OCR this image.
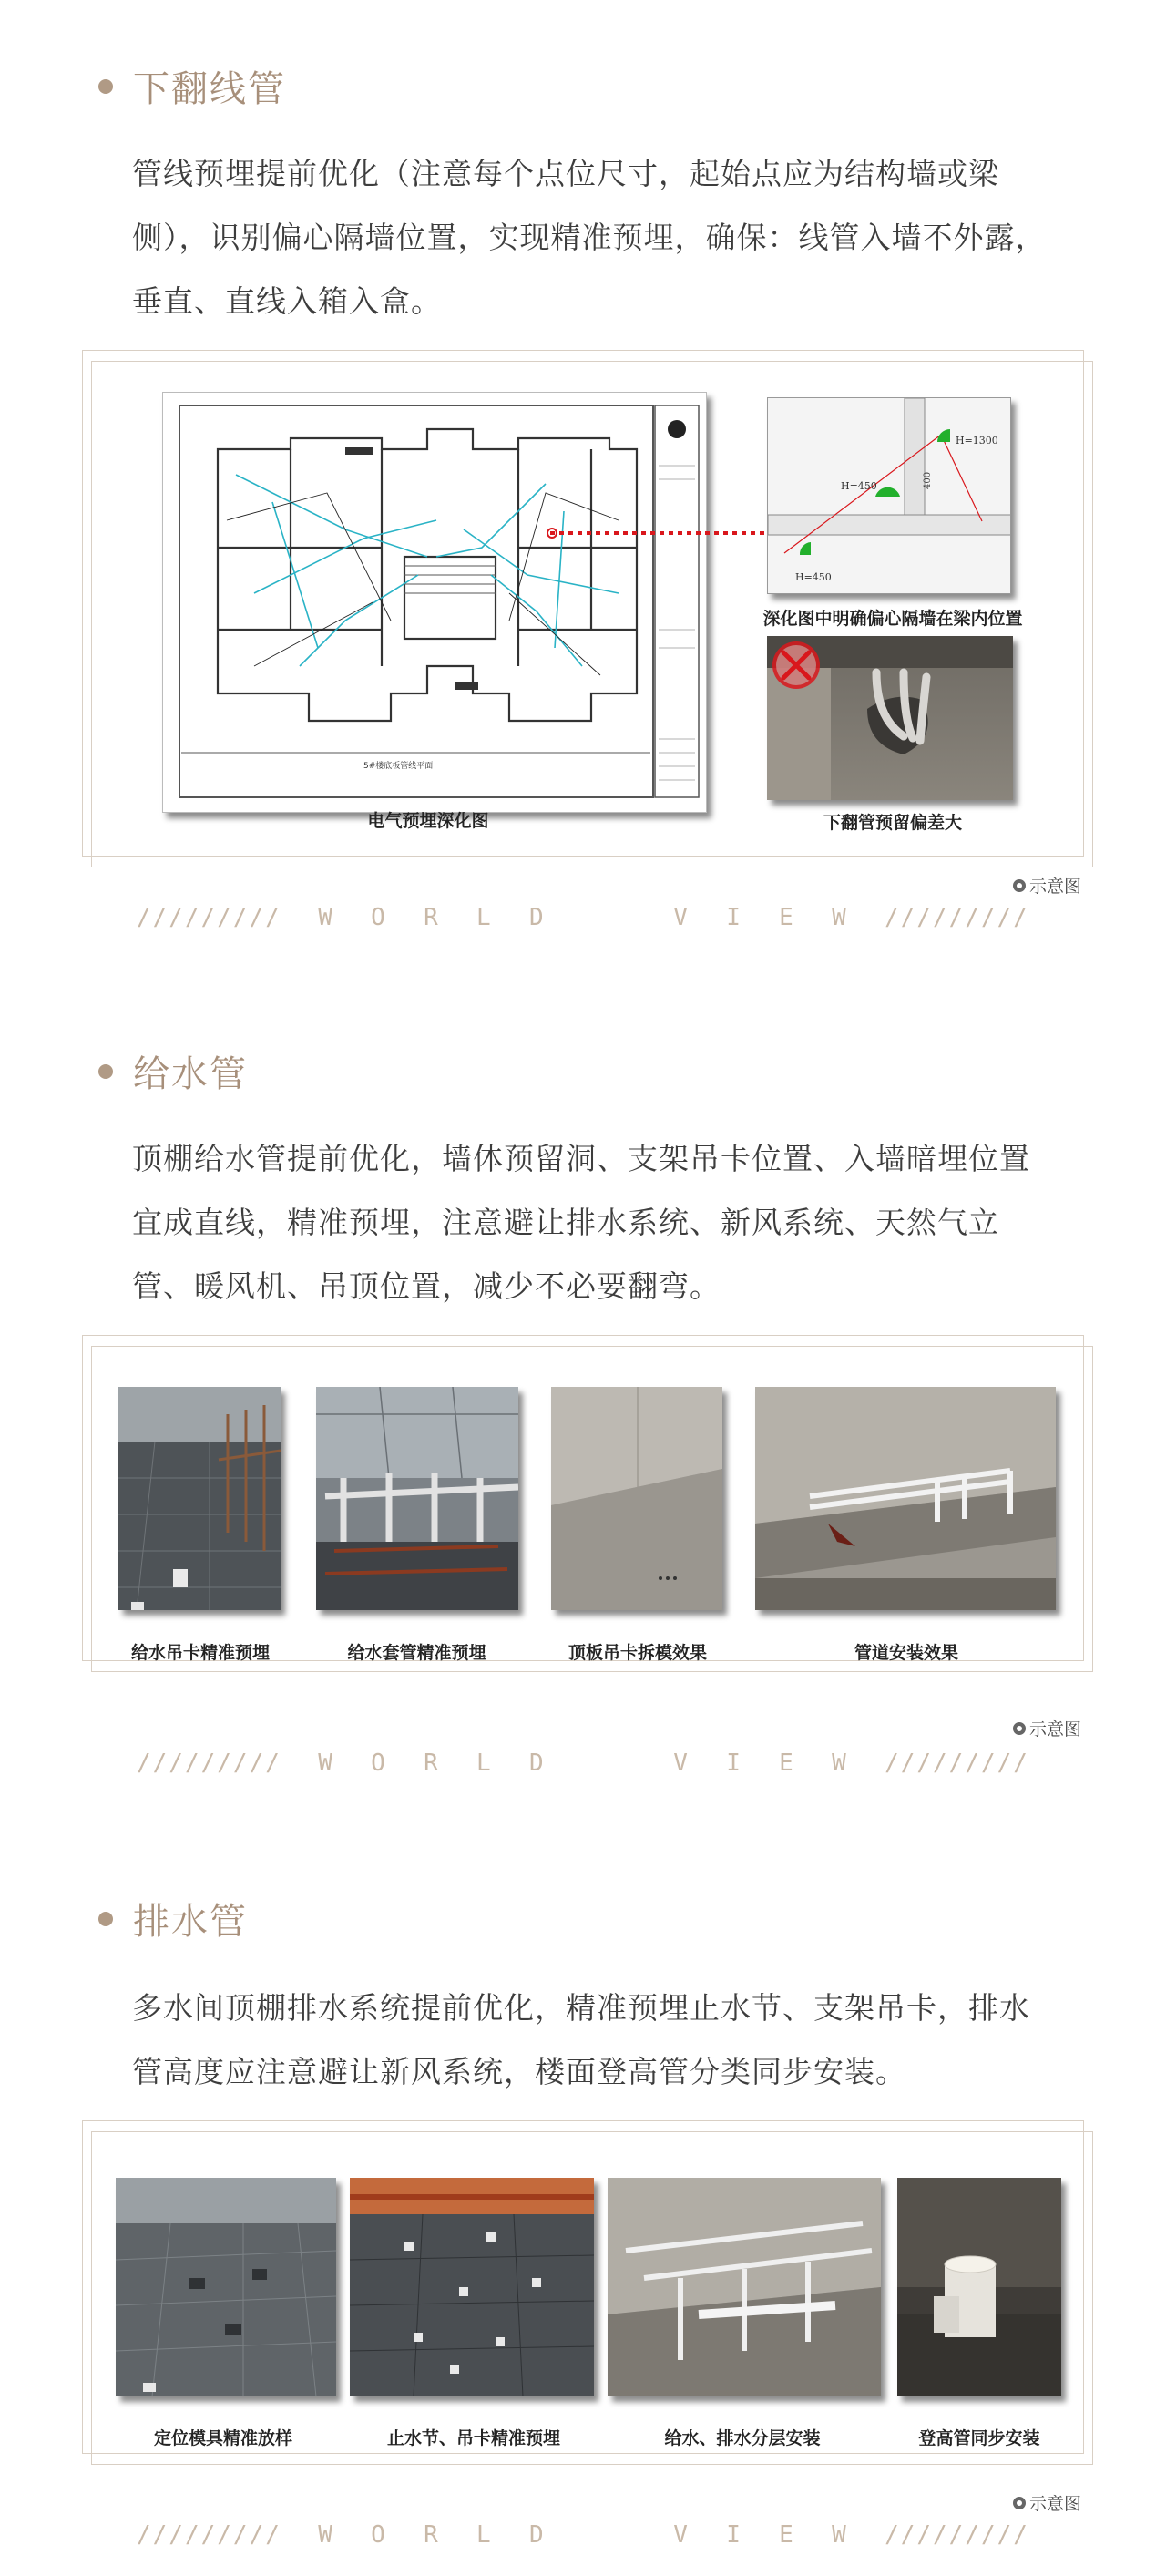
下翻线管
管线预埋提前优化（注意每个点位尺寸，起始点应为结构墙或梁
侧），识别偏心隔墙位置，实现精准预埋，确保：线管入墙不外露，
垂直、直线入箱入盒。
5#楼底板管线平面
H=1300
H=450
H=450
400
电气预埋深化图
深化图中明确偏心隔墙在梁内位置
下翻管预留偏差大
示意图
///////// W O R L D	V I E W /////////
给水管
顶棚给水管提前优化，墙体预留洞、支架吊卡位置、入墙暗埋位置
宜成直线，精准预埋，注意避让排水系统、新风系统、天然气立
管、暖风机、吊顶位置，减少不必要翻弯。
给水吊卡精准预埋	给水套管精准预埋	顶板吊卡拆模效果	管道安装效果
示意图
///////// W O R L D	V I E W /////////
排水管
多水间顶棚排水系统提前优化，精准预埋止水节、支架吊卡，排水
管高度应注意避让新风系统，楼面登高管分类同步安装。
定位模具精准放样	止水节、吊卡精准预埋	给水、排水分层安装	登高管同步安装
示意图
///////// W O R L D	V I E W /////////
